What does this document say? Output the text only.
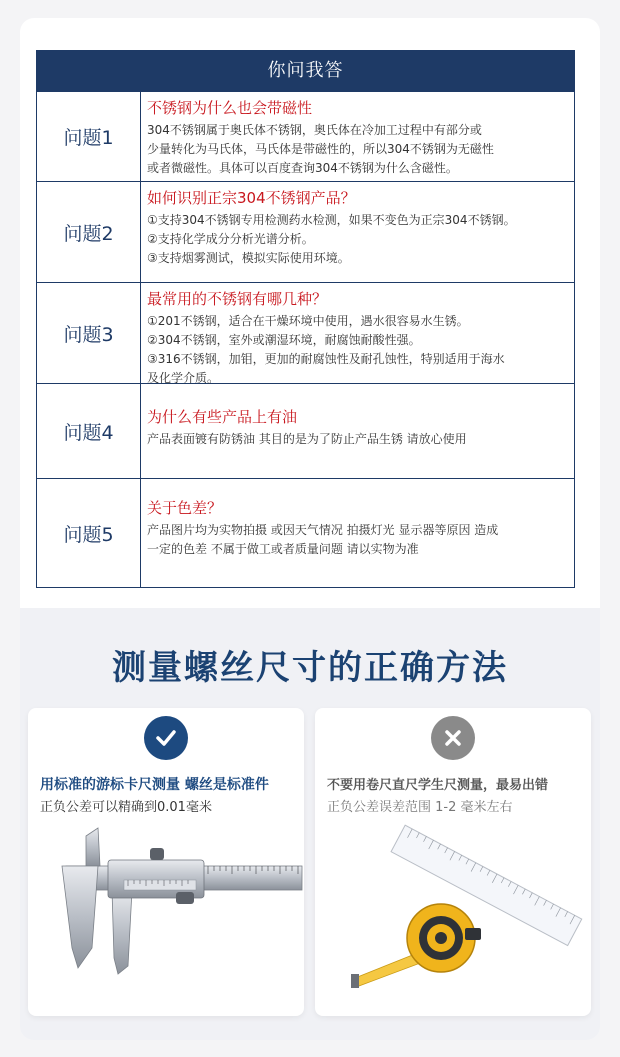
你问我答
问题1
不锈钢为什么也会带磁性
304不锈钢属于奥氏体不锈钢，奥氏体在冷加工过程中有部分或
少量转化为马氏体，马氏体是带磁性的，所以304不锈钢为无磁性
或者微磁性。具体可以百度查询304不锈钢为什么含磁性。
问题2
如何识别正宗304不锈钢产品？
①支持304不锈钢专用检测药水检测，如果不变色为正宗304不锈钢。
②支持化学成分分析光谱分析。
③支持烟雾测试，模拟实际使用环境。
问题3
最常用的不锈钢有哪几种？
①201不锈钢，适合在干燥环境中使用，遇水很容易水生锈。
②304不锈钢，室外或潮湿环境，耐腐蚀耐酸性强。
③316不锈钢，加钼，更加的耐腐蚀性及耐孔蚀性，特别适用于海水
及化学介质。
问题4
为什么有些产品上有油
产品表面镀有防锈油 其目的是为了防止产品生锈 请放心使用
问题5
关于色差？
产品图片均为实物拍摄 或因天气情况 拍摄灯光 显示器等原因 造成
一定的色差 不属于做工或者质量问题 请以实物为准
测量螺丝尺寸的正确方法
用标准的游标卡尺测量 螺丝是标准件
正负公差可以精确到0.01毫米
不要用卷尺直尺学生尺测量，最易出错
正负公差误差范围 1-2 毫米左右
